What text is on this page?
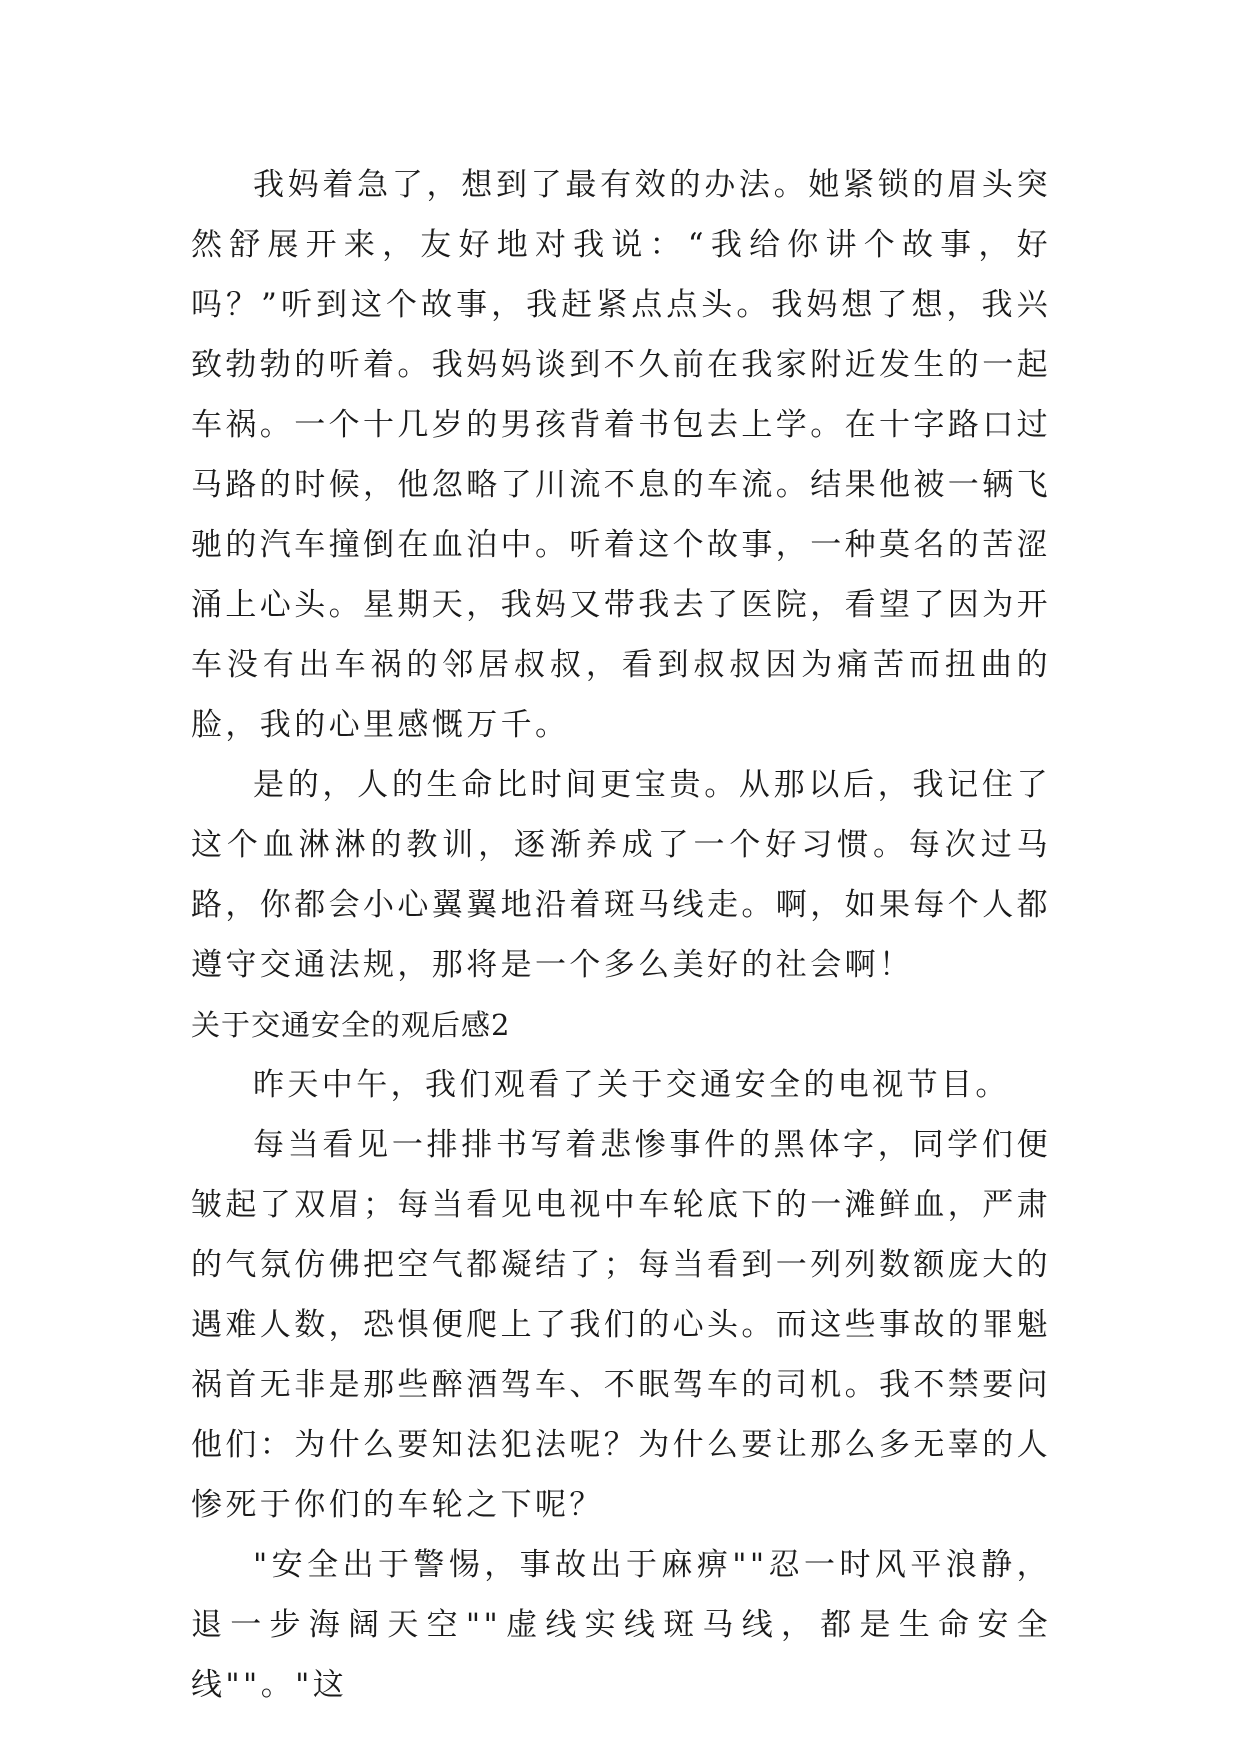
我妈着急了，想到了最有效的办法。她紧锁的眉头突然舒展开来，友好地对我说：“我给你讲个故事，好吗？”听到这个故事，我赶紧点点头。我妈想了想，我兴致勃勃的听着。我妈妈谈到不久前在我家附近发生的一起车祸。一个十几岁的男孩背着书包去上学。在十字路口过马路的时候，他忽略了川流不息的车流。结果他被一辆飞驰的汽车撞倒在血泊中。听着这个故事，一种莫名的苦涩涌上心头。星期天，我妈又带我去了医院，看望了因为开车没有出车祸的邻居叔叔，看到叔叔因为痛苦而扭曲的脸，我的心里感慨万千。

是的，人的生命比时间更宝贵。从那以后，我记住了这个血淋淋的教训，逐渐养成了一个好习惯。每次过马路，你都会小心翼翼地沿着斑马线走。啊，如果每个人都遵守交通法规，那将是一个多么美好的社会啊！

关于交通安全的观后感2

昨天中午，我们观看了关于交通安全的电视节目。

每当看见一排排书写着悲惨事件的黑体字，同学们便皱起了双眉；每当看见电视中车轮底下的一滩鲜血，严肃的气氛仿佛把空气都凝结了；每当看到一列列数额庞大的遇难人数，恐惧便爬上了我们的心头。而这些事故的罪魁祸首无非是那些醉酒驾车、不眠驾车的司机。我不禁要问他们：为什么要知法犯法呢？为什么要让那么多无辜的人惨死于你们的车轮之下呢？

"安全出于警惕，事故出于麻痹""忍一时风平浪静，退一步海阔天空""虚线实线斑马线，都是生命安全线""。"这
